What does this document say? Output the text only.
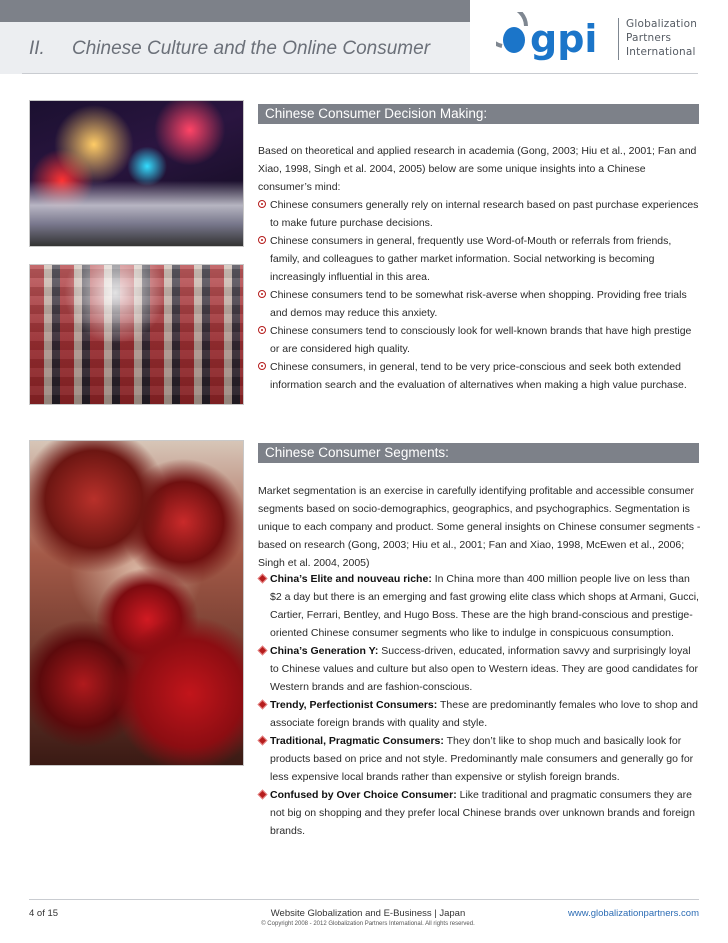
II. Chinese Culture and the Online Consumer	gpi	Globalization
Partners
International
Chinese Consumer Decision Making:
Based on theoretical and applied research in academia (Gong, 2003; Hiu et al., 2001; Fan and Xiao, 1998, Singh et al. 2004, 2005) below are some unique insights into a Chinese consumer’s mind:
Chinese consumers generally rely on internal research based on past purchase experiences to make future purchase decisions.
Chinese consumers in general, frequently use Word-of-Mouth or referrals from friends, family, and colleagues to gather market information. Social networking is becoming increasingly influential in this area.
Chinese consumers tend to be somewhat risk-averse when shopping. Providing free trials and demos may reduce this anxiety.
Chinese consumers tend to consciously look for well-known brands that have high prestige or are considered high quality.
Chinese consumers, in general, tend to be very price-conscious and seek both extended information search and the evaluation of alternatives when making a high value purchase.
Chinese Consumer Segments:
Market segmentation is an exercise in carefully identifying profitable and accessible consumer segments based on socio-demographics, geographics, and psychographics. Segmentation is unique to each company and product. Some general insights on Chinese consumer segments - based on research (Gong, 2003; Hiu et al., 2001; Fan and Xiao, 1998, McEwen et al., 2006; Singh et al. 2004, 2005)
China’s Elite and nouveau riche: In China more than 400 million people live on less than $2 a day but there is an emerging and fast growing elite class which shops at Armani, Gucci, Cartier, Ferrari, Bentley, and Hugo Boss. These are the high brand-conscious and prestige-oriented Chinese consumer segments who like to indulge in conspicuous consumption.
China’s Generation Y: Success-driven, educated, information savvy and surprisingly loyal to Chinese values and culture but also open to Western ideas. They are good candidates for Western brands and are fashion-conscious.
Trendy, Perfectionist Consumers: These are predominantly females who love to shop and associate foreign brands with quality and style.
Traditional, Pragmatic Consumers: They don’t like to shop much and basically look for products based on price and not style. Predominantly male consumers and generally go for less expensive local brands rather than expensive or stylish foreign brands.
Confused by Over Choice Consumer: Like traditional and pragmatic consumers they are not big on shopping and they prefer local Chinese brands over unknown brands and foreign brands.
4 of 15	Website Globalization and E-Business | Japan
© Copyright 2008 - 2012 Globalization Partners International. All rights reserved.
www.globalizationpartners.com
